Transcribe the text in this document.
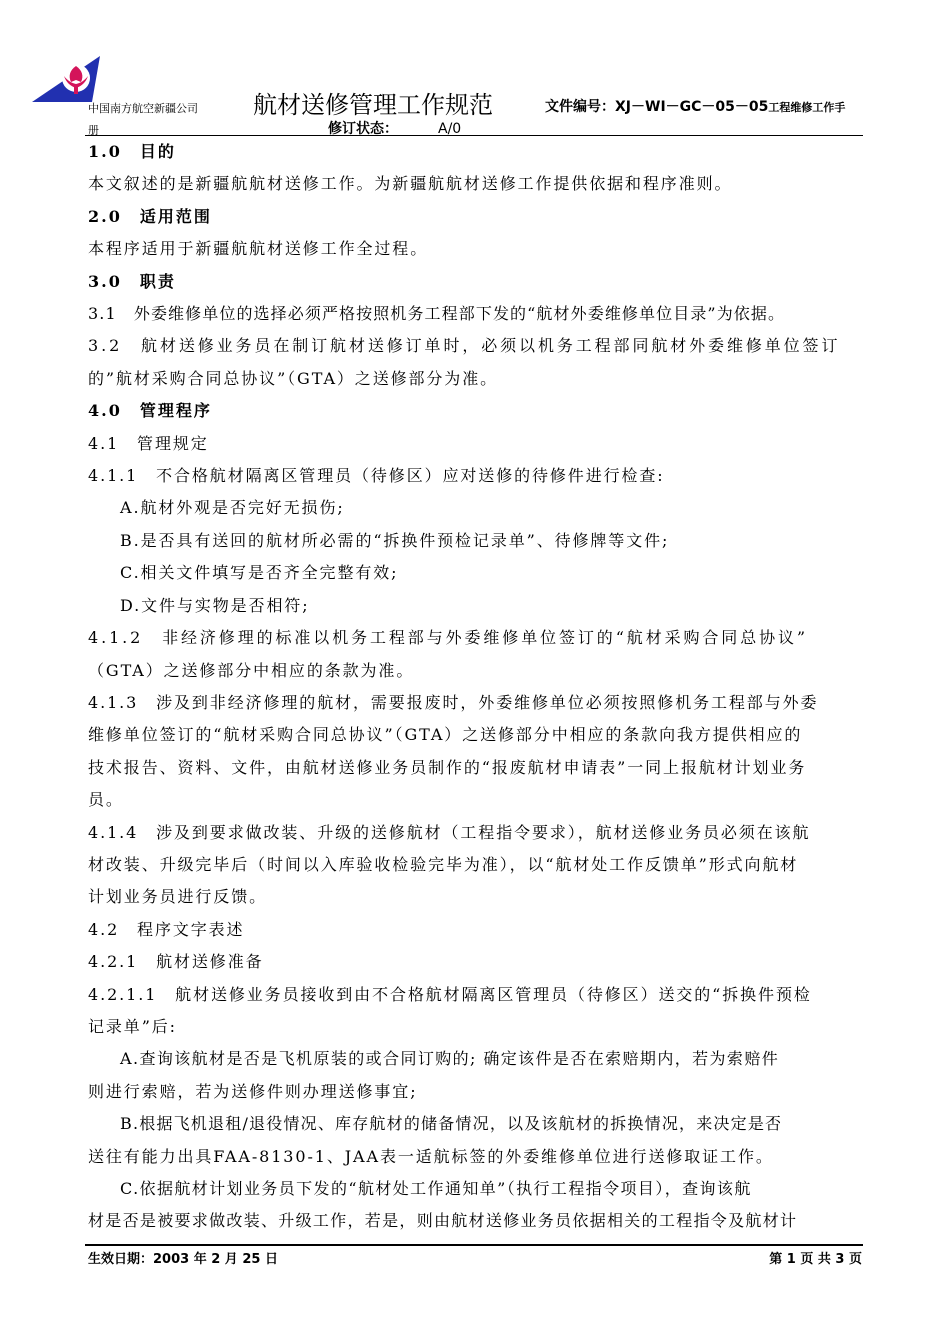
中国南方航空新疆公司
册
航材送修管理工作规范	文件编号：XJ－WI－GC－05－05工程维修工作手
修订状态：	A/0
1.0　目的
本文叙述的是新疆航航材送修工作。为新疆航航材送修工作提供依据和程序准则。
2.0　适用范围
本程序适用于新疆航航材送修工作全过程。
3.0　职责
3.1　外委维修单位的选择必须严格按照机务工程部下发的“航材外委维修单位目录”为依据。
3.2　航材送修业务员在制订航材送修订单时，必须以机务工程部同航材外委维修单位签订
的”航材采购合同总协议”（GTA）之送修部分为准。
4.0　管理程序
4.1　管理规定
4.1.1　不合格航材隔离区管理员（待修区）应对送修的待修件进行检查:
A.航材外观是否完好无损伤;
B.是否具有送回的航材所必需的“拆换件预检记录单”、待修牌等文件;
C.相关文件填写是否齐全完整有效;
D.文件与实物是否相符;
4.1.2　非经济修理的标准以机务工程部与外委维修单位签订的“航材采购合同总协议”
（GTA）之送修部分中相应的条款为准。
4.1.3　涉及到非经济修理的航材，需要报废时，外委维修单位必须按照修机务工程部与外委
维修单位签订的“航材采购合同总协议”（GTA）之送修部分中相应的条款向我方提供相应的
技术报告、资料、文件，由航材送修业务员制作的“报废航材申请表”一同上报航材计划业务
员。
4.1.4　涉及到要求做改装、升级的送修航材（工程指令要求），航材送修业务员必须在该航
材改装、升级完毕后（时间以入库验收检验完毕为准），以“航材处工作反馈单”形式向航材
计划业务员进行反馈。
4.2　程序文字表述
4.2.1　航材送修准备
4.2.1.1　航材送修业务员接收到由不合格航材隔离区管理员（待修区）送交的“拆换件预检
记录单”后:
A.查询该航材是否是飞机原装的或合同订购的; 确定该件是否在索赔期内，若为索赔件
则进行索赔，若为送修件则办理送修事宜;
B.根据飞机退租/退役情况、库存航材的储备情况，以及该航材的拆换情况，来决定是否
送往有能力出具FAA-8130-1、JAA表一适航标签的外委维修单位进行送修取证工作。
C.依据航材计划业务员下发的“航材处工作通知单”（执行工程指令项目），查询该航
材是否是被要求做改装、升级工作，若是，则由航材送修业务员依据相关的工程指令及航材计
生效日期：2003 年 2 月 25 日	第 1 页 共 3 页
